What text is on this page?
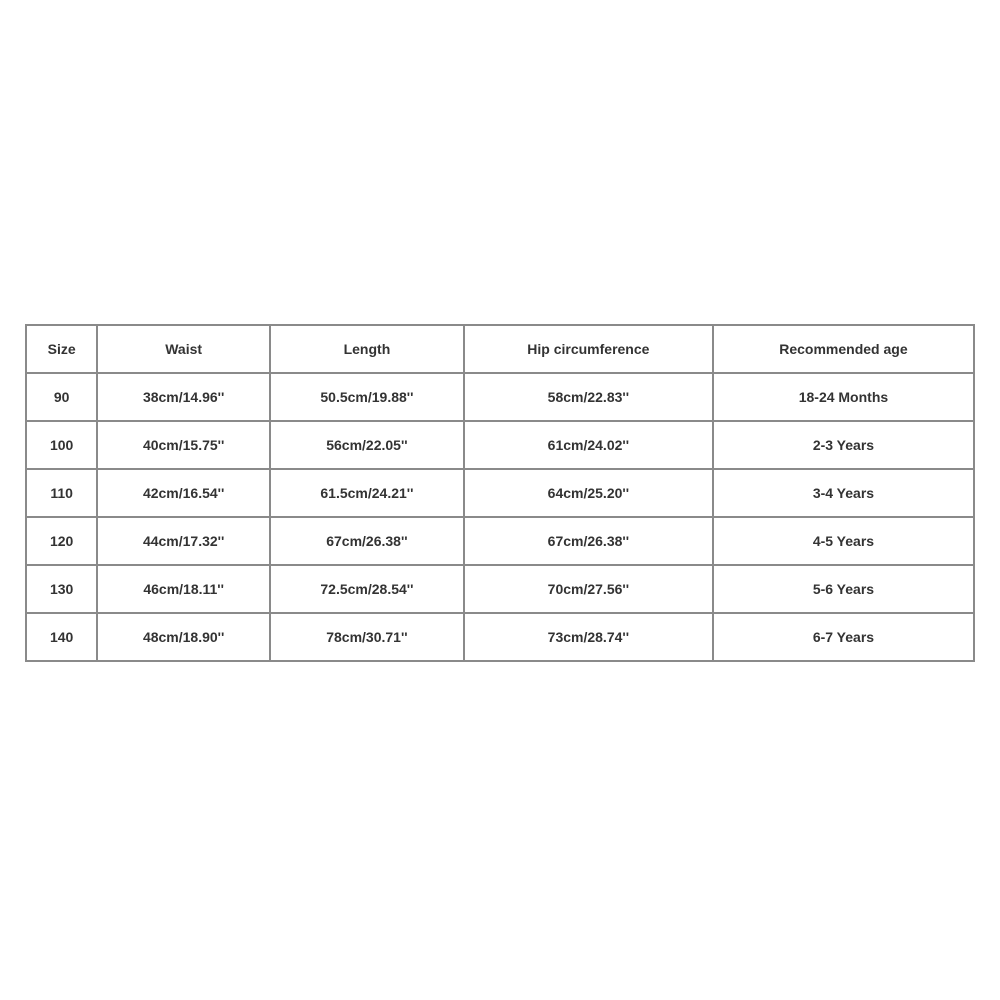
Size	Waist	Length	Hip circumference	Recommended age
90	38cm/14.96''	50.5cm/19.88''	58cm/22.83''	18-24 Months
100	40cm/15.75''	56cm/22.05''	61cm/24.02''	2-3 Years
110	42cm/16.54''	61.5cm/24.21''	64cm/25.20''	3-4 Years
120	44cm/17.32''	67cm/26.38''	67cm/26.38''	4-5 Years
130	46cm/18.11''	72.5cm/28.54''	70cm/27.56''	5-6 Years
140	48cm/18.90''	78cm/30.71''	73cm/28.74''	6-7 Years
